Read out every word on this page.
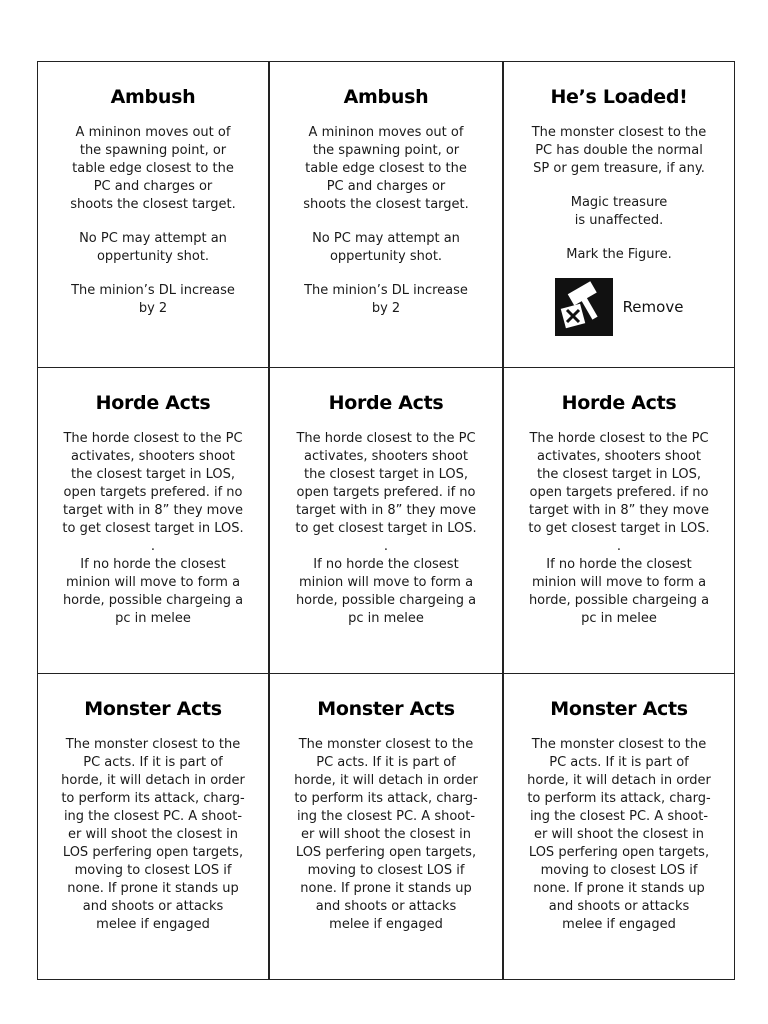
Ambush

A mininon moves out of
the spawning point, or
table edge closest to the
PC and charges or
shoots the closest target.

No PC may attempt an
oppertunity shot.

The minion’s DL increase
by 2

Ambush

A mininon moves out of
the spawning point, or
table edge closest to the
PC and charges or
shoots the closest target.

No PC may attempt an
oppertunity shot.

The minion’s DL increase
by 2

He’s Loaded!

The monster closest to the
PC has double the normal
SP or gem treasure, if any.

Magic treasure
is unaffected.

Mark the Figure.

Remove
Horde Acts

The horde closest to the PC
activates, shooters shoot
the closest target in LOS,
open targets prefered. if no
target with in 8” they move
to get closest target in LOS.
.
If no horde the closest
minion will move to form a
horde, possible chargeing a
pc in melee

Horde Acts

The horde closest to the PC
activates, shooters shoot
the closest target in LOS,
open targets prefered. if no
target with in 8” they move
to get closest target in LOS.
.
If no horde the closest
minion will move to form a
horde, possible chargeing a
pc in melee

Horde Acts

The horde closest to the PC
activates, shooters shoot
the closest target in LOS,
open targets prefered. if no
target with in 8” they move
to get closest target in LOS.
.
If no horde the closest
minion will move to form a
horde, possible chargeing a
pc in melee

Monster Acts

The monster closest to the
PC acts. If it is part of
horde, it will detach in order
to perform its attack, charg-
ing the closest PC. A shoot-
er will shoot the closest in
LOS perfering open targets,
moving to closest LOS if
none. If prone it stands up
and shoots or attacks
melee if engaged

Monster Acts

The monster closest to the
PC acts. If it is part of
horde, it will detach in order
to perform its attack, charg-
ing the closest PC. A shoot-
er will shoot the closest in
LOS perfering open targets,
moving to closest LOS if
none. If prone it stands up
and shoots or attacks
melee if engaged

Monster Acts

The monster closest to the
PC acts. If it is part of
horde, it will detach in order
to perform its attack, charg-
ing the closest PC. A shoot-
er will shoot the closest in
LOS perfering open targets,
moving to closest LOS if
none. If prone it stands up
and shoots or attacks
melee if engaged
